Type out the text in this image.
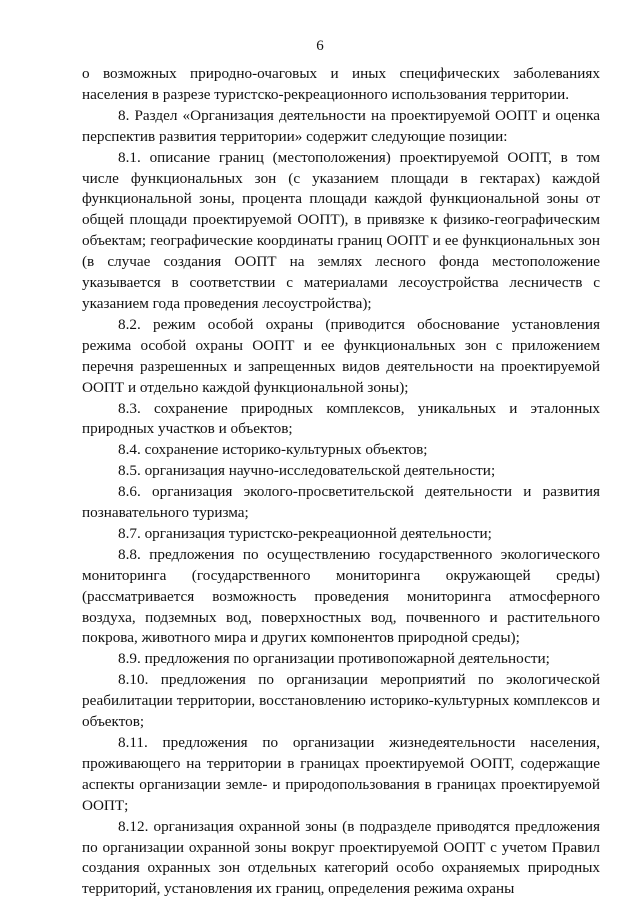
6

о возможных природно-очаговых и иных специфических заболеваниях населения в разрезе туристско-рекреационного использования территории.

8. Раздел «Организация деятельности на проектируемой ООПТ и оценка перспектив развития территории» содержит следующие позиции:

8.1. описание границ (местоположения) проектируемой ООПТ, в том числе функциональных зон (с указанием площади в гектарах) каждой функциональной зоны, процента площади каждой функциональной зоны от общей площади проектируемой ООПТ), в привязке к физико-географическим объектам; географические координаты границ ООПТ и ее функциональных зон (в случае создания ООПТ на землях лесного фонда местоположение указывается в соответствии с материалами лесоустройства лесничеств с указанием года проведения лесоустройства);

8.2. режим особой охраны (приводится обоснование установления режима особой охраны ООПТ и ее функциональных зон с приложением перечня разрешенных и запрещенных видов деятельности на проектируемой ООПТ и отдельно каждой функциональной зоны);

8.3. сохранение природных комплексов, уникальных и эталонных природных участков и объектов;

8.4. сохранение историко-культурных объектов;

8.5. организация научно-исследовательской деятельности;

8.6. организация эколого-просветительской деятельности и развития познавательного туризма;

8.7. организация туристско-рекреационной деятельности;

8.8. предложения по осуществлению государственного экологического мониторинга (государственного мониторинга окружающей среды) (рассматривается возможность проведения мониторинга атмосферного воздуха, подземных вод, поверхностных вод, почвенного и растительного покрова, животного мира и других компонентов природной среды);

8.9. предложения по организации противопожарной деятельности;

8.10. предложения по организации мероприятий по экологической реабилитации территории, восстановлению историко-культурных комплексов и объектов;

8.11. предложения по организации жизнедеятельности населения, проживающего на территории в границах проектируемой ООПТ, содержащие аспекты организации земле- и природопользования в границах проектируемой ООПТ;

8.12. организация охранной зоны (в подразделе приводятся предложения по организации охранной зоны вокруг проектируемой ООПТ с учетом Правил создания охранных зон отдельных категорий особо охраняемых природных территорий, установления их границ, определения режима охраны
